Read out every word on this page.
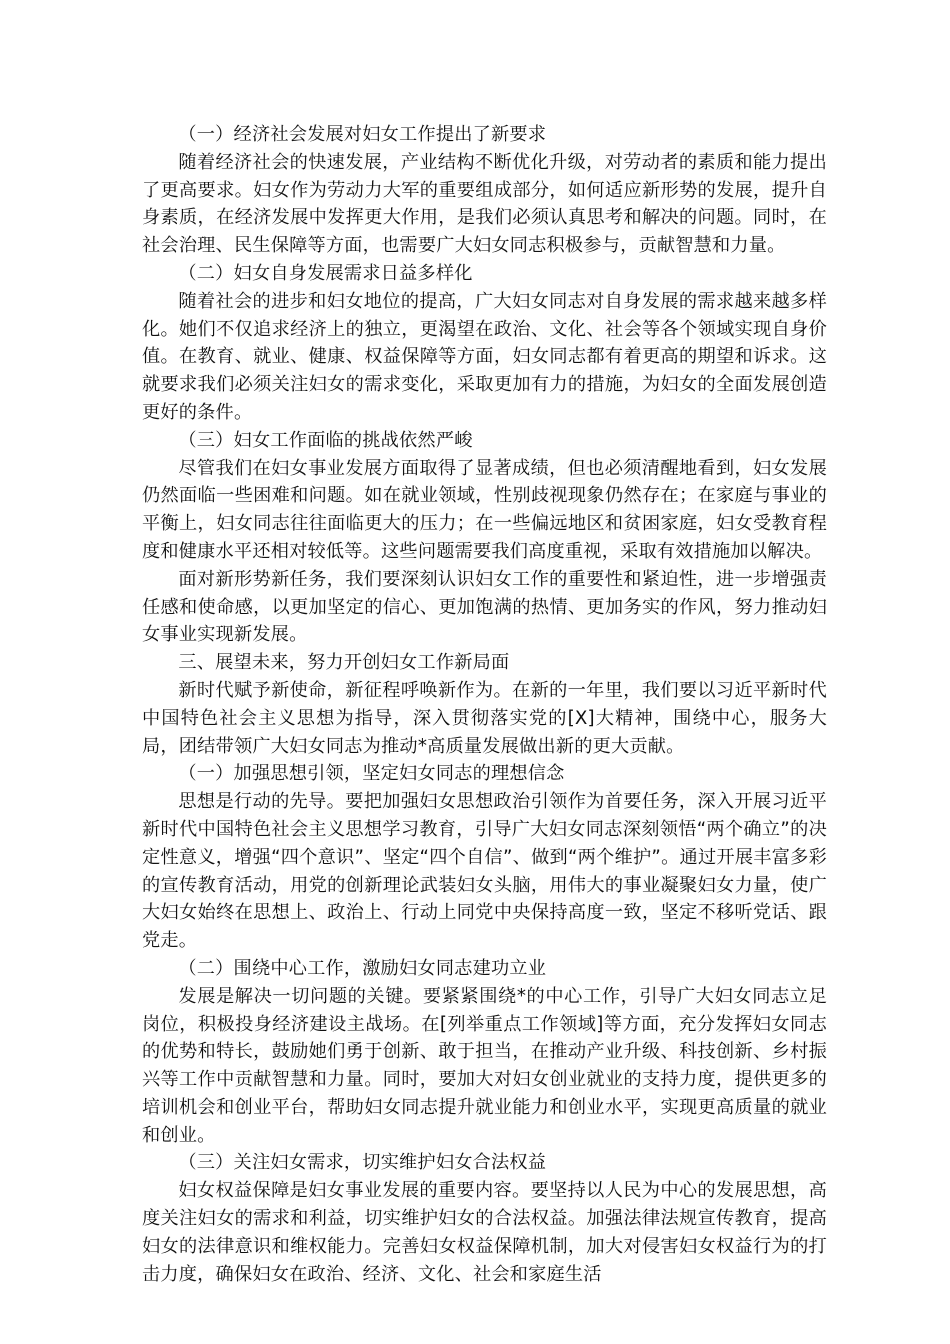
（一）经济社会发展对妇女工作提出了新要求

随着经济社会的快速发展，产业结构不断优化升级，对劳动者的素质和能力提出了更高要求。妇女作为劳动力大军的重要组成部分，如何适应新形势的发展，提升自身素质，在经济发展中发挥更大作用，是我们必须认真思考和解决的问题。同时，在社会治理、民生保障等方面，也需要广大妇女同志积极参与，贡献智慧和力量。

（二）妇女自身发展需求日益多样化

随着社会的进步和妇女地位的提高，广大妇女同志对自身发展的需求越来越多样化。她们不仅追求经济上的独立，更渴望在政治、文化、社会等各个领域实现自身价值。在教育、就业、健康、权益保障等方面，妇女同志都有着更高的期望和诉求。这就要求我们必须关注妇女的需求变化，采取更加有力的措施，为妇女的全面发展创造更好的条件。

（三）妇女工作面临的挑战依然严峻

尽管我们在妇女事业发展方面取得了显著成绩，但也必须清醒地看到，妇女发展仍然面临一些困难和问题。如在就业领域，性别歧视现象仍然存在；在家庭与事业的平衡上，妇女同志往往面临更大的压力；在一些偏远地区和贫困家庭，妇女受教育程度和健康水平还相对较低等。这些问题需要我们高度重视，采取有效措施加以解决。

面对新形势新任务，我们要深刻认识妇女工作的重要性和紧迫性，进一步增强责任感和使命感，以更加坚定的信心、更加饱满的热情、更加务实的作风，努力推动妇女事业实现新发展。

三、展望未来，努力开创妇女工作新局面

新时代赋予新使命，新征程呼唤新作为。在新的一年里，我们要以习近平新时代中国特色社会主义思想为指导，深入贯彻落实党的[X]大精神，围绕中心，服务大局，团结带领广大妇女同志为推动*高质量发展做出新的更大贡献。

（一）加强思想引领，坚定妇女同志的理想信念

思想是行动的先导。要把加强妇女思想政治引领作为首要任务，深入开展习近平新时代中国特色社会主义思想学习教育，引导广大妇女同志深刻领悟“两个确立”的决定性意义，增强“四个意识”、坚定“四个自信”、做到“两个维护”。通过开展丰富多彩的宣传教育活动，用党的创新理论武装妇女头脑，用伟大的事业凝聚妇女力量，使广大妇女始终在思想上、政治上、行动上同党中央保持高度一致，坚定不移听党话、跟党走。

（二）围绕中心工作，激励妇女同志建功立业

发展是解决一切问题的关键。要紧紧围绕*的中心工作，引导广大妇女同志立足岗位，积极投身经济建设主战场。在[列举重点工作领域]等方面，充分发挥妇女同志的优势和特长，鼓励她们勇于创新、敢于担当，在推动产业升级、科技创新、乡村振兴等工作中贡献智慧和力量。同时，要加大对妇女创业就业的支持力度，提供更多的培训机会和创业平台，帮助妇女同志提升就业能力和创业水平，实现更高质量的就业和创业。

（三）关注妇女需求，切实维护妇女合法权益

妇女权益保障是妇女事业发展的重要内容。要坚持以人民为中心的发展思想，高度关注妇女的需求和利益，切实维护妇女的合法权益。加强法律法规宣传教育，提高妇女的法律意识和维权能力。完善妇女权益保障机制，加大对侵害妇女权益行为的打击力度，确保妇女在政治、经济、文化、社会和家庭生活
